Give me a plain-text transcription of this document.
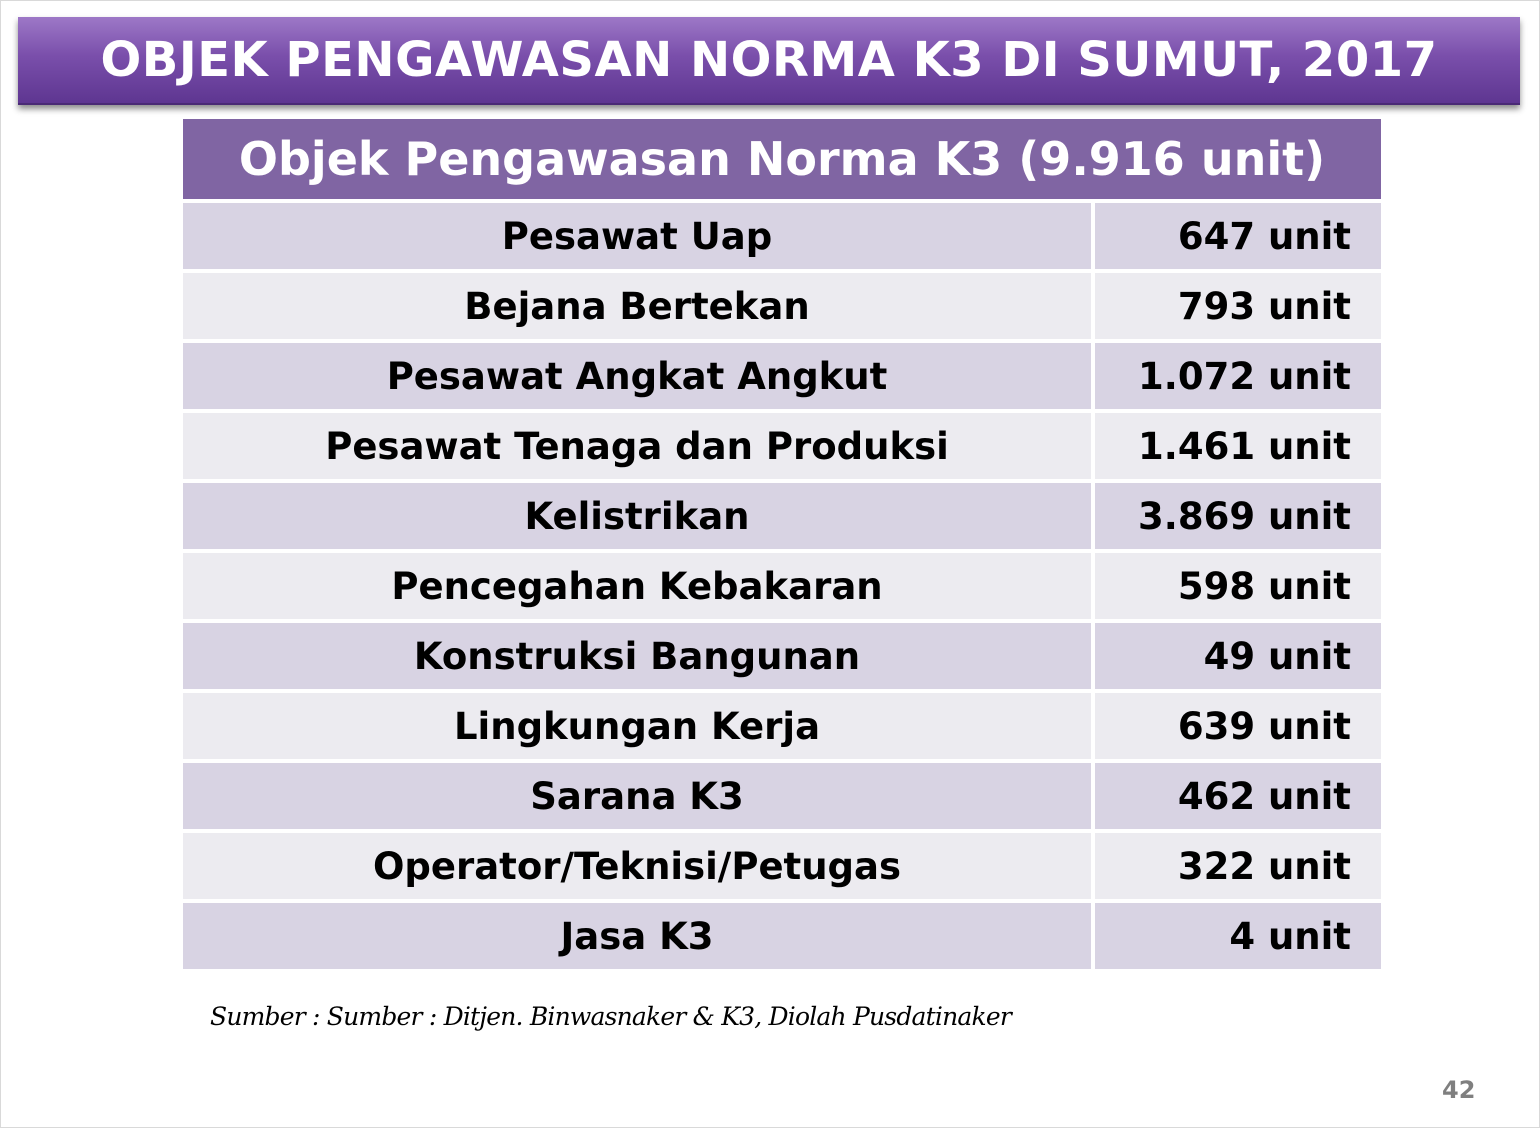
OBJEK PENGAWASAN NORMA K3 DI SUMUT, 2017
Objek Pengawasan Norma K3 (9.916 unit)	
Pesawat Uap	647 unit
Bejana Bertekan	793 unit
Pesawat Angkat Angkut	1.072 unit
Pesawat Tenaga dan Produksi	1.461 unit
Kelistrikan	3.869 unit
Pencegahan Kebakaran	598 unit
Konstruksi Bangunan	49 unit
Lingkungan Kerja	639 unit
Sarana K3	462 unit
Operator/Teknisi/Petugas	322 unit
Jasa K3	4 unit
Sumber : Sumber : Ditjen. Binwasnaker & K3, Diolah Pusdatinaker
42
